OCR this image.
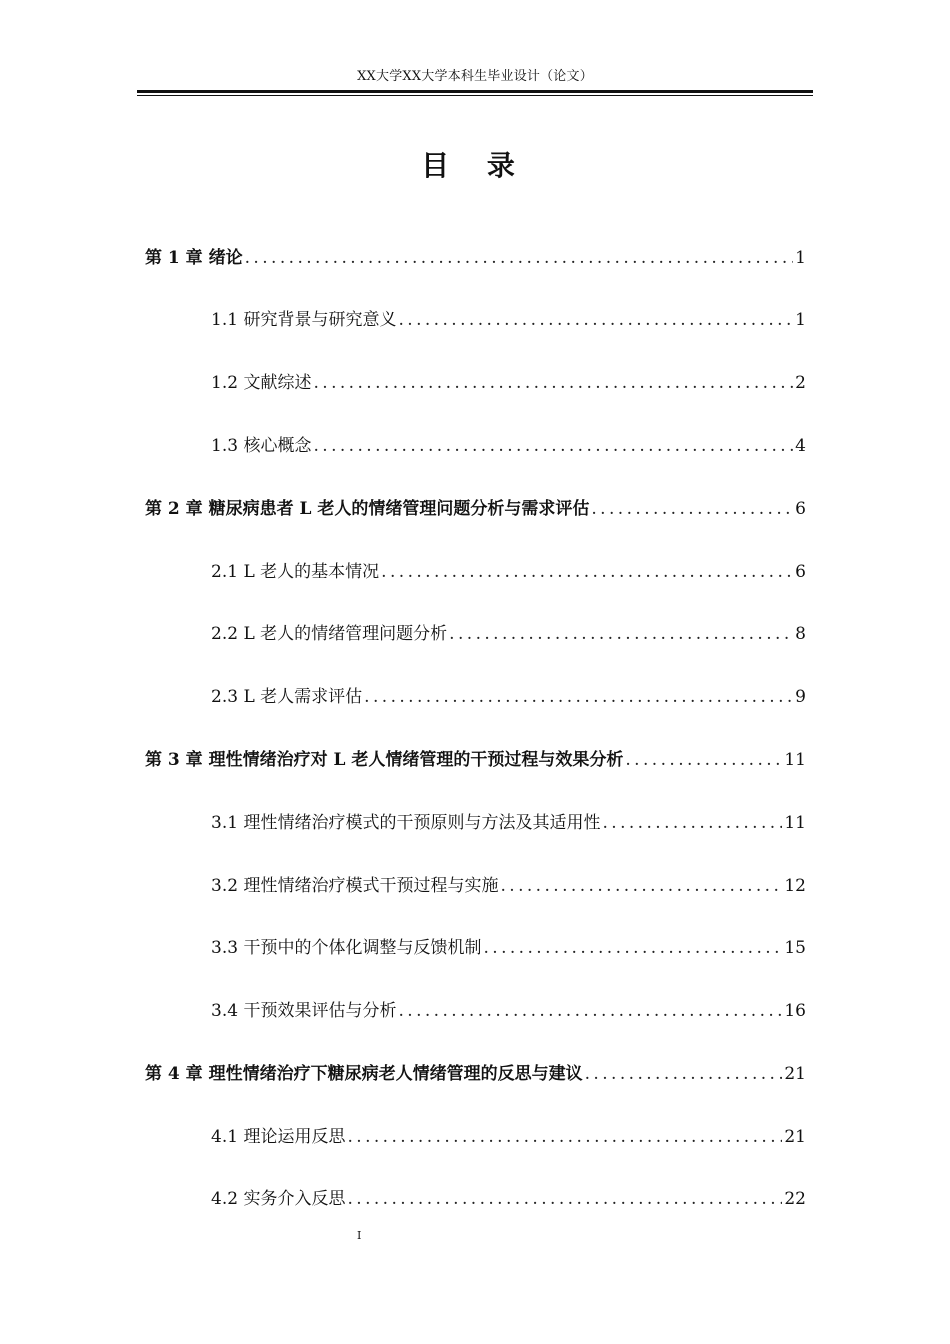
XX大学XX大学本科生毕业设计（论文）
目 录
第 1 章 绪论 . . .	1
1.1 研究背景与研究意义 . . .	1
1.2 文献综述 . . .	2
1.3 核心概念 . . .	4
第 2 章 糖尿病患者 L 老人的情绪管理问题分析与需求评估 . . .	6
2.1 L 老人的基本情况 . . .	6
2.2 L 老人的情绪管理问题分析 . . .	8
2.3 L 老人需求评估 . . .	9
第 3 章 理性情绪治疗对 L 老人情绪管理的干预过程与效果分析 . . .	11
3.1 理性情绪治疗模式的干预原则与方法及其适用性 . . .	11
3.2 理性情绪治疗模式干预过程与实施 . . .	12
3.3 干预中的个体化调整与反馈机制 . . .	15
3.4 干预效果评估与分析 . . .	16
第 4 章 理性情绪治疗下糖尿病老人情绪管理的反思与建议 . . .	21
4.1 理论运用反思 . . .	21
4.2 实务介入反思 . . .	22
I
